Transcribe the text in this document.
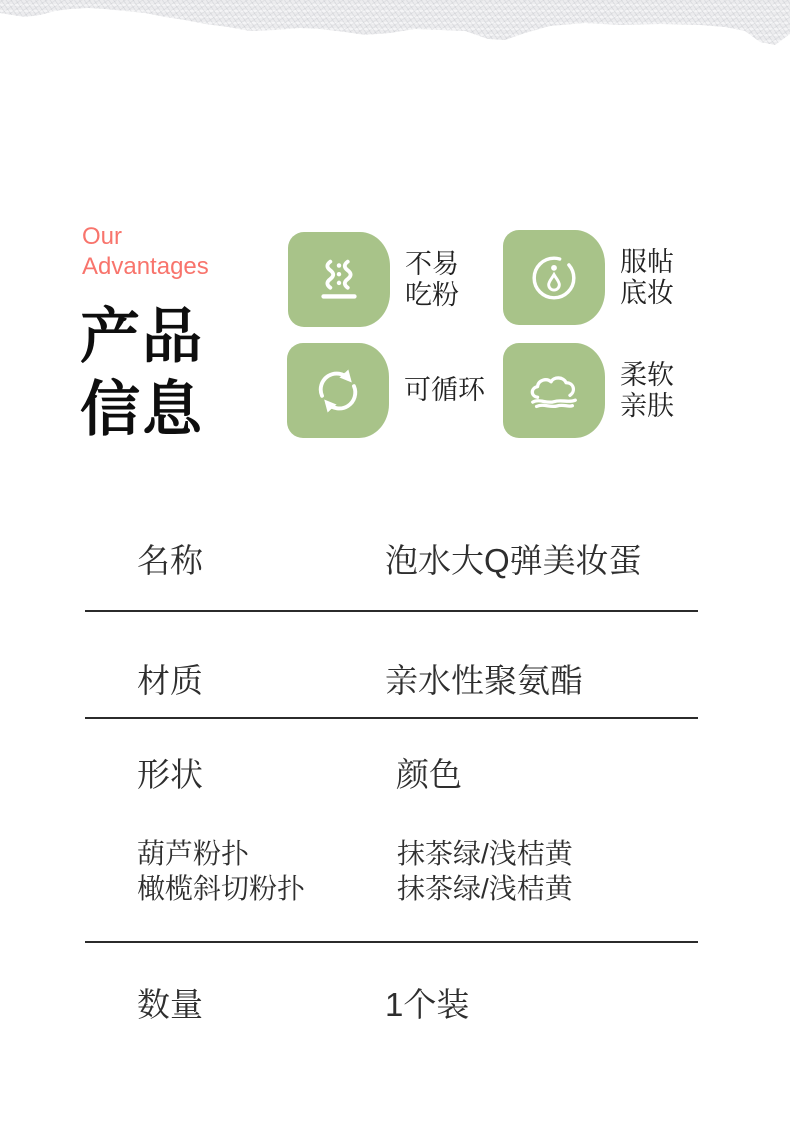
Our Advantages
产品
信息
不易
吃粉
服帖
底妆
可循环
柔软
亲肤
名称	泡水大Q弹美妆蛋
材质	亲水性聚氨酯
形状	颜色
葫芦粉扑	抹茶绿/浅桔黄
橄榄斜切粉扑	抹茶绿/浅桔黄
数量	1个装
